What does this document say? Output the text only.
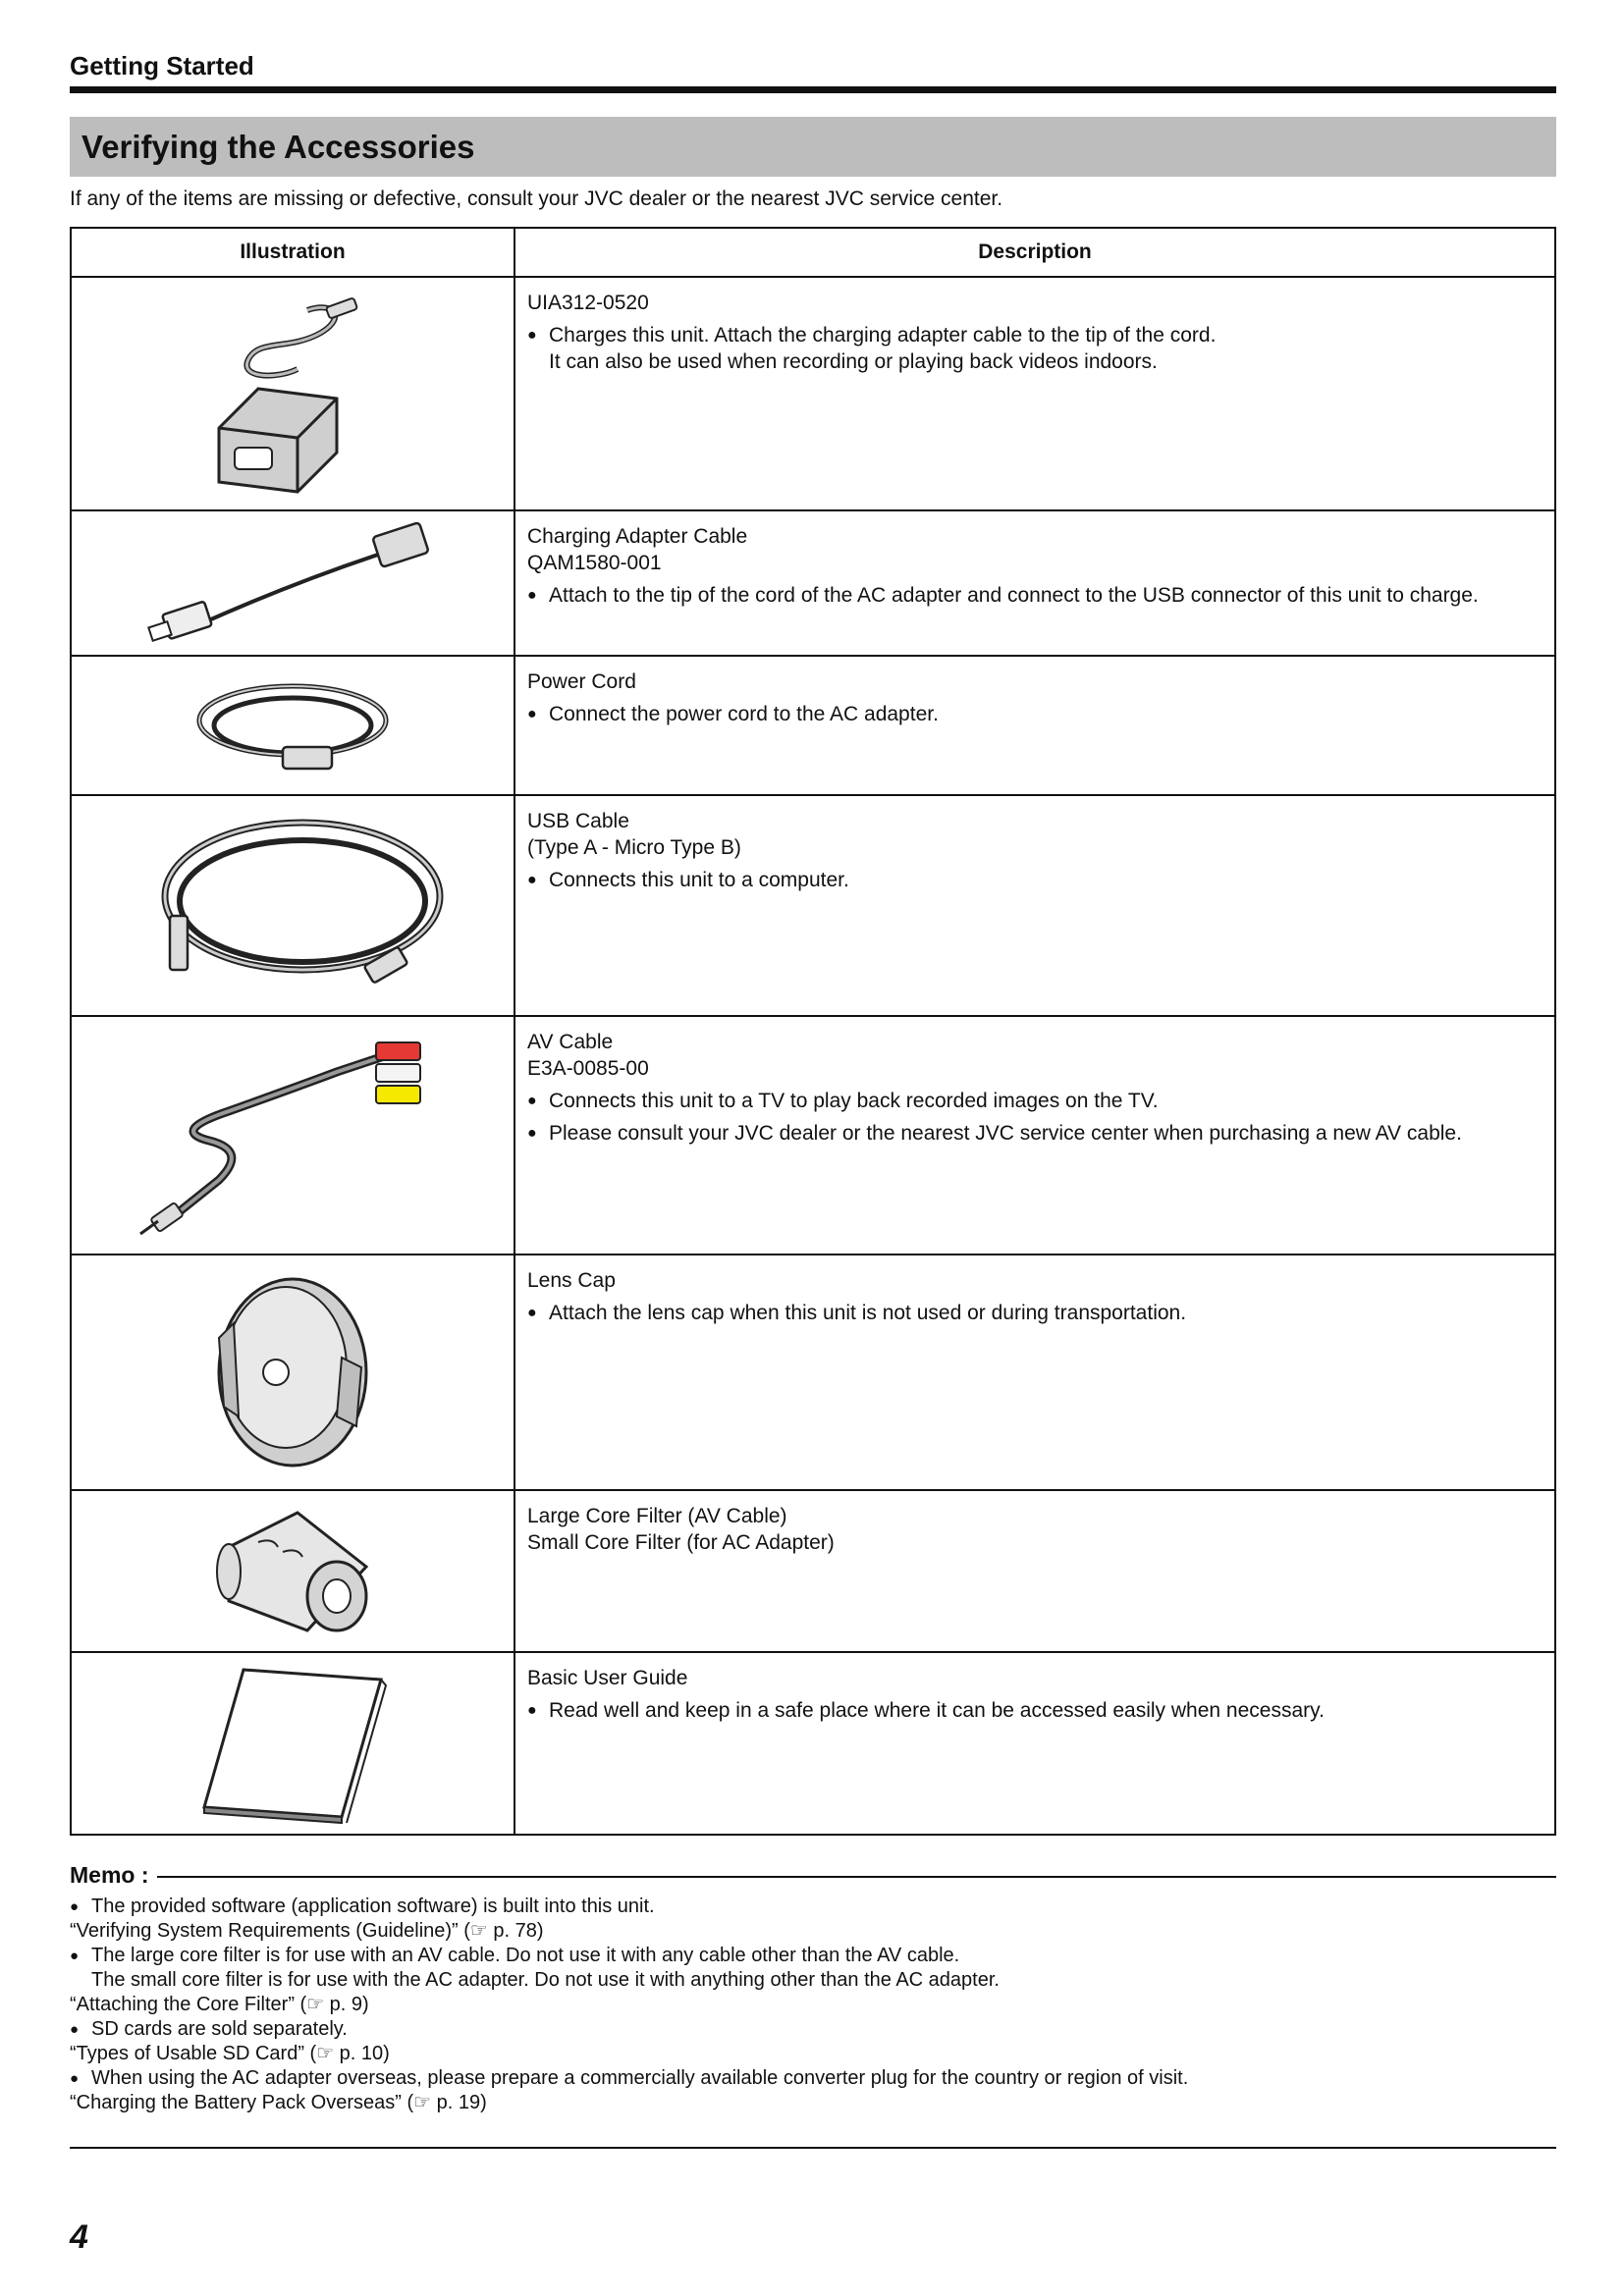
Getting Started
Verifying the Accessories
If any of the items are missing or defective, consult your JVC dealer or the nearest JVC service center.
Illustration	Description

UIA312-0520
● Charges this unit. Attach the charging adapter cable to the tip of the cord.
It can also be used when recording or playing back videos indoors.

Charging Adapter Cable
QAM1580-001
● Attach to the tip of the cord of the AC adapter and connect to the USB connector of this unit to charge.

Power Cord
● Connect the power cord to the AC adapter.

USB Cable
(Type A - Micro Type B)
● Connects this unit to a computer.

AV Cable
E3A-0085-00
● Connects this unit to a TV to play back recorded images on the TV.
● Please consult your JVC dealer or the nearest JVC service center when purchasing a new AV cable.

Lens Cap
● Attach the lens cap when this unit is not used or during transportation.

Large Core Filter (AV Cable)
Small Core Filter (for AC Adapter)

Basic User Guide
● Read well and keep in a safe place where it can be accessed easily when necessary.
Memo :
● The provided software (application software) is built into this unit.
“Verifying System Requirements (Guideline)” (☞ p. 78)
● The large core filter is for use with an AV cable. Do not use it with any cable other than the AV cable.
The small core filter is for use with the AC adapter. Do not use it with anything other than the AC adapter.
“Attaching the Core Filter” (☞ p. 9)
● SD cards are sold separately.
“Types of Usable SD Card” (☞ p. 10)
● When using the AC adapter overseas, please prepare a commercially available converter plug for the country or region of visit.
“Charging the Battery Pack Overseas” (☞ p. 19)
4
